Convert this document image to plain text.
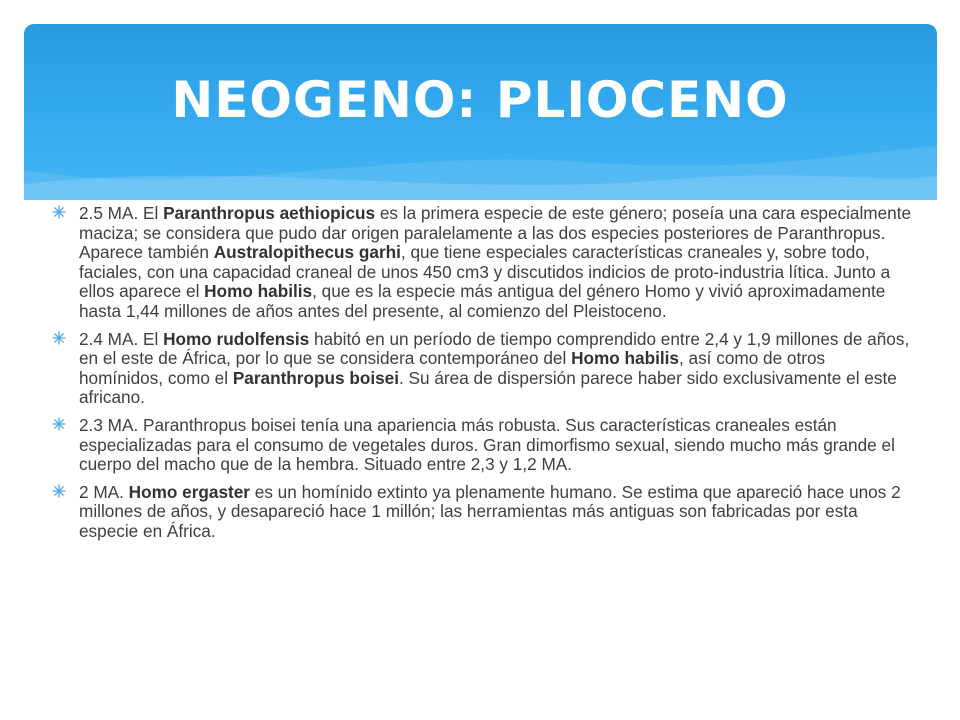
NEOGENO: PLIOCENO
2.5 MA. El Paranthropus aethiopicus es la primera especie de este género; poseía una cara especialmente maciza; se considera que pudo dar origen paralelamente a las dos especies posteriores de Paranthropus. Aparece también Australopithecus garhi, que tiene especiales características craneales y, sobre todo, faciales, con una capacidad craneal de unos 450 cm3 y discutidos indicios de proto-industria lítica. Junto a ellos aparece el Homo habilis, que es la especie más antigua del género Homo y vivió aproximadamente hasta 1,44 millones de años antes del presente, al comienzo del Pleistoceno.
2.4 MA. El Homo rudolfensis habitó en un período de tiempo comprendido entre 2,4 y 1,9 millones de años, en el este de África, por lo que se considera contemporáneo del Homo habilis, así como de otros homínidos, como el Paranthropus boisei. Su área de dispersión parece haber sido exclusivamente el este africano.
2.3 MA. Paranthropus boisei tenía una apariencia más robusta. Sus características craneales están especializadas para el consumo de vegetales duros. Gran dimorfismo sexual, siendo mucho más grande el cuerpo del macho que de la hembra. Situado entre 2,3 y 1,2 MA.
2 MA. Homo ergaster es un homínido extinto ya plenamente humano. Se estima que apareció hace unos 2 millones de años, y desapareció hace 1 millón; las herramientas más antiguas son fabricadas por esta especie en África.
